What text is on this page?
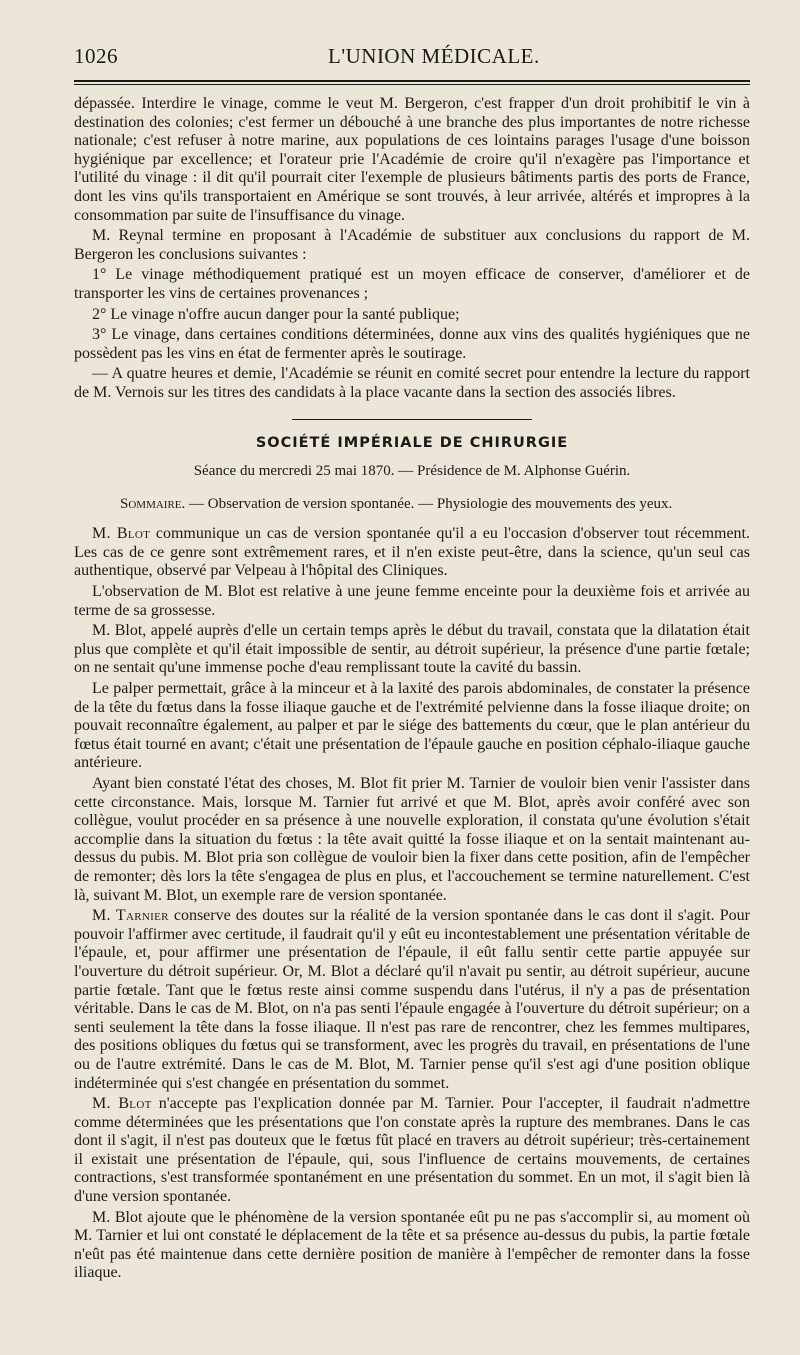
1026	L'UNION MÉDICALE.

dépassée. Interdire le vinage, comme le veut M. Bergeron, c'est frapper d'un droit prohibitif le vin à destination des colonies; c'est fermer un débouché à une branche des plus importantes de notre richesse nationale; c'est refuser à notre marine, aux populations de ces lointains parages l'usage d'une boisson hygiénique par excellence; et l'orateur prie l'Académie de croire qu'il n'exagère pas l'importance et l'utilité du vinage : il dit qu'il pourrait citer l'exemple de plusieurs bâtiments partis des ports de France, dont les vins qu'ils transportaient en Amérique se sont trouvés, à leur arrivée, altérés et impropres à la consommation par suite de l'insuffisance du vinage.

M. Reynal termine en proposant à l'Académie de substituer aux conclusions du rapport de M. Bergeron les conclusions suivantes :

1° Le vinage méthodiquement pratiqué est un moyen efficace de conserver, d'améliorer et de transporter les vins de certaines provenances ;

2° Le vinage n'offre aucun danger pour la santé publique;

3° Le vinage, dans certaines conditions déterminées, donne aux vins des qualités hygiéniques que ne possèdent pas les vins en état de fermenter après le soutirage.

— A quatre heures et demie, l'Académie se réunit en comité secret pour entendre la lecture du rapport de M. Vernois sur les titres des candidats à la place vacante dans la section des associés libres.

SOCIÉTÉ IMPÉRIALE DE CHIRURGIE
Séance du mercredi 25 mai 1870. — Présidence de M. Alphonse Guérin.
Sommaire. — Observation de version spontanée. — Physiologie des mouvements des yeux.

M. Blot communique un cas de version spontanée qu'il a eu l'occasion d'observer tout récemment. Les cas de ce genre sont extrêmement rares, et il n'en existe peut-être, dans la science, qu'un seul cas authentique, observé par Velpeau à l'hôpital des Cliniques.

L'observation de M. Blot est relative à une jeune femme enceinte pour la deuxième fois et arrivée au terme de sa grossesse.

M. Blot, appelé auprès d'elle un certain temps après le début du travail, constata que la dilatation était plus que complète et qu'il était impossible de sentir, au détroit supérieur, la présence d'une partie fœtale; on ne sentait qu'une immense poche d'eau remplissant toute la cavité du bassin.

Le palper permettait, grâce à la minceur et à la laxité des parois abdominales, de constater la présence de la tête du fœtus dans la fosse iliaque gauche et de l'extrémité pelvienne dans la fosse iliaque droite; on pouvait reconnaître également, au palper et par le siége des battements du cœur, que le plan antérieur du fœtus était tourné en avant; c'était une présentation de l'épaule gauche en position céphalo-iliaque gauche antérieure.

Ayant bien constaté l'état des choses, M. Blot fit prier M. Tarnier de vouloir bien venir l'assister dans cette circonstance. Mais, lorsque M. Tarnier fut arrivé et que M. Blot, après avoir conféré avec son collègue, voulut procéder en sa présence à une nouvelle exploration, il constata qu'une évolution s'était accomplie dans la situation du fœtus : la tête avait quitté la fosse iliaque et on la sentait maintenant au-dessus du pubis. M. Blot pria son collègue de vouloir bien la fixer dans cette position, afin de l'empêcher de remonter; dès lors la tête s'engagea de plus en plus, et l'accouchement se termine naturellement. C'est là, suivant M. Blot, un exemple rare de version spontanée.

M. Tarnier conserve des doutes sur la réalité de la version spontanée dans le cas dont il s'agit. Pour pouvoir l'affirmer avec certitude, il faudrait qu'il y eût eu incontestablement une présentation véritable de l'épaule, et, pour affirmer une présentation de l'épaule, il eût fallu sentir cette partie appuyée sur l'ouverture du détroit supérieur. Or, M. Blot a déclaré qu'il n'avait pu sentir, au détroit supérieur, aucune partie fœtale. Tant que le fœtus reste ainsi comme suspendu dans l'utérus, il n'y a pas de présentation véritable. Dans le cas de M. Blot, on n'a pas senti l'épaule engagée à l'ouverture du détroit supérieur; on a senti seulement la tête dans la fosse iliaque. Il n'est pas rare de rencontrer, chez les femmes multipares, des positions obliques du fœtus qui se transforment, avec les progrès du travail, en présentations de l'une ou de l'autre extrémité. Dans le cas de M. Blot, M. Tarnier pense qu'il s'est agi d'une position oblique indéterminée qui s'est changée en présentation du sommet.

M. Blot n'accepte pas l'explication donnée par M. Tarnier. Pour l'accepter, il faudrait n'admettre comme déterminées que les présentations que l'on constate après la rupture des membranes. Dans le cas dont il s'agit, il n'est pas douteux que le fœtus fût placé en travers au détroit supérieur; très-certainement il existait une présentation de l'épaule, qui, sous l'influence de certains mouvements, de certaines contractions, s'est transformée spontanément en une présentation du sommet. En un mot, il s'agit bien là d'une version spontanée.

M. Blot ajoute que le phénomène de la version spontanée eût pu ne pas s'accomplir si, au moment où M. Tarnier et lui ont constaté le déplacement de la tête et sa présence au-dessus du pubis, la partie fœtale n'eût pas été maintenue dans cette dernière position de manière à l'empêcher de remonter dans la fosse iliaque.
